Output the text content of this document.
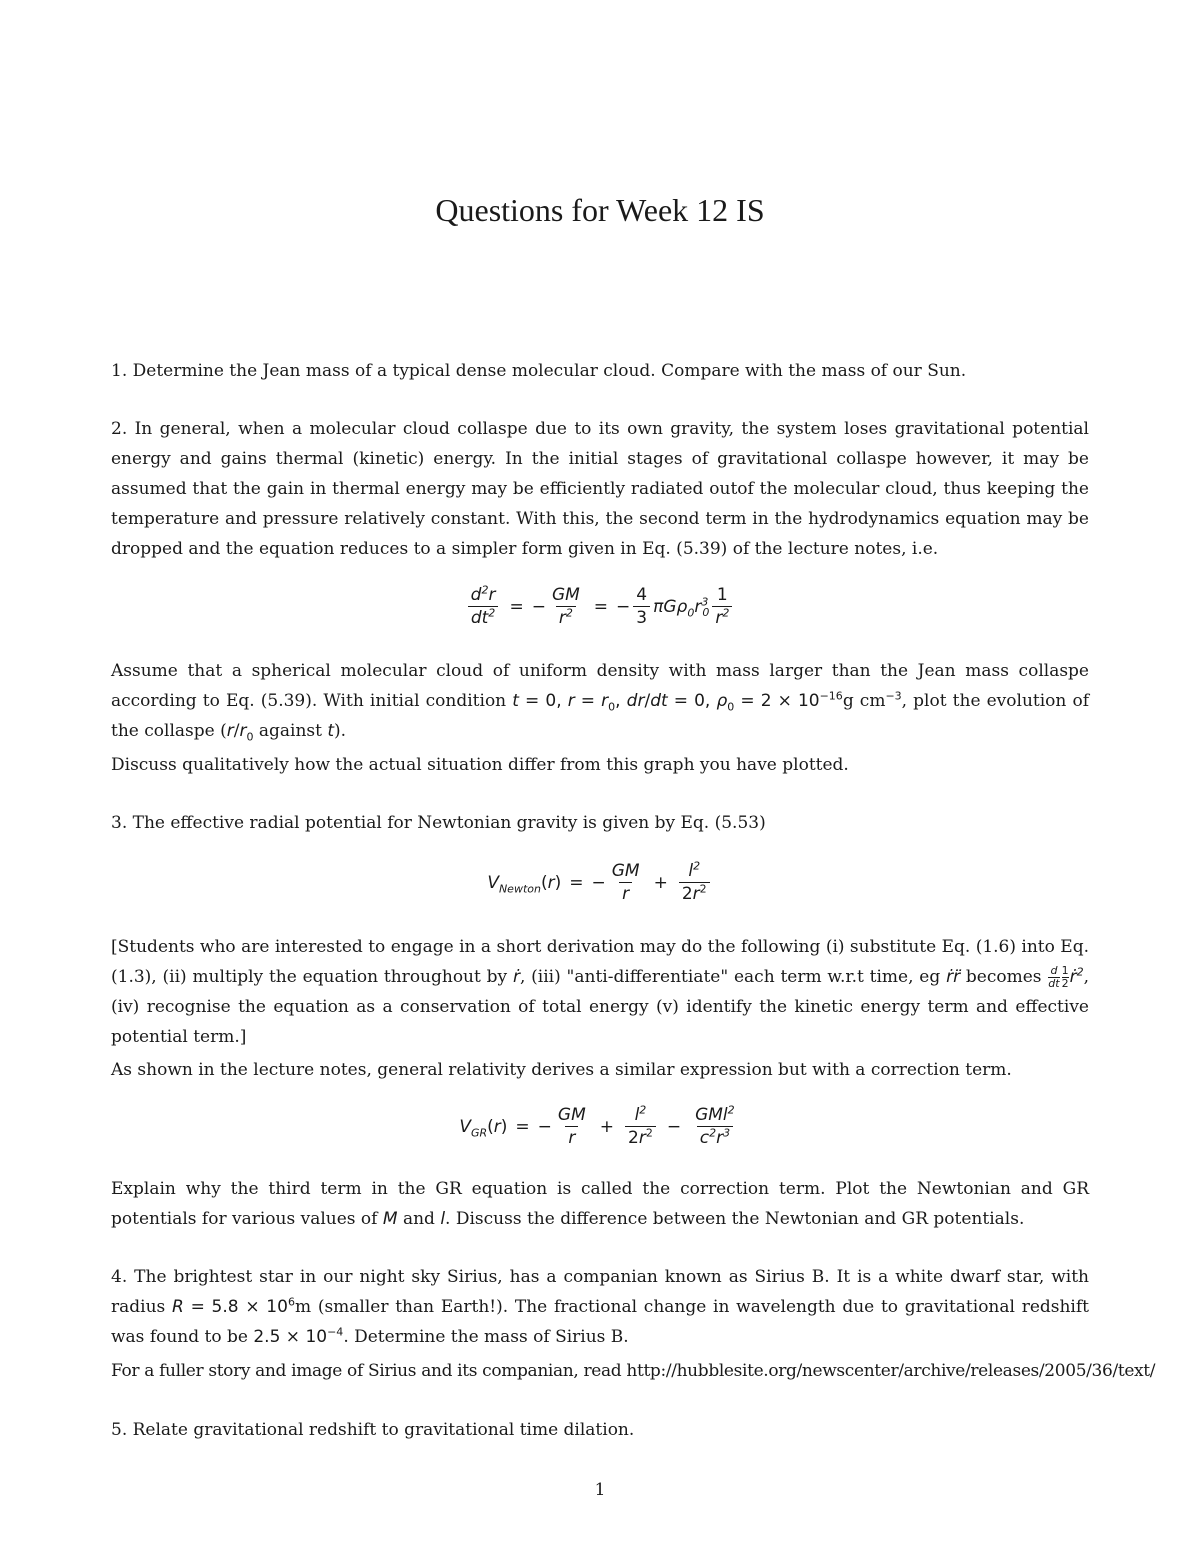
Questions for Week 12 IS

1. Determine the Jean mass of a typical dense molecular cloud. Compare with the mass of our Sun.

2. In general, when a molecular cloud collaspe due to its own gravity, the system loses gravitational potential energy and gains thermal (kinetic) energy. In the initial stages of gravitational collaspe however, it may be assumed that the gain in thermal energy may be efficiently radiated outof the molecular cloud, thus keeping the temperature and pressure relatively constant. With this, the second term in the hydrodynamics equation may be dropped and the equation reduces to a simpler form given in Eq. (5.39) of the lecture notes, i.e.

$\frac{d^2r}{dt^2}$ = − $\frac{GM}{r^2}$ = − $\frac{4}{3} \pi G\rho_0r^3_0 \frac{1}{r^2}$

Assume that a spherical molecular cloud of uniform density with mass larger than the Jean mass collaspe according to Eq. (5.39). With initial condition t = 0, $r = r_0$, dr/dt = 0, $\rho_0 = 2 \times 10^{-16}g$ $cm^{-3}$, plot the evolution of the collaspe ($r/r_0$ against t).

Discuss qualitatively how the actual situation differ from this graph you have plotted.

3. The effective radial potential for Newtonian gravity is given by Eq. (5.53)

$V_{Newton}$ (r) = − $\frac{GM}{r} + \frac{l^2}{2r^2}$

[Students who are interested to engage in a short derivation may do the following (i) substitute Eq. (1.6) into Eq.(1.3), (ii) multiply the equation throughout by ṙ, (iii) "anti-differentiate" each term w.r.t time, eg ṙr̈ becomes $\frac{d}{dt} \frac{1}{2}$ ṙ$^2$, (iv) recognise the equation as a conservation of total energy (v) identify the kinetic energy term and effective potential term.]

As shown in the lecture notes, general relativity derives a similar expression but with a correction term.

$V_{GR}$ (r) = − $\frac{GM}{r} + \frac{l^2}{2r^2} - \frac{GMl^2}{c^2r^3}$

Explain why the third term in the GR equation is called the correction term. Plot the Newtonian and GR potentials for various values of M and l. Discuss the difference between the Newtonian and GR potentials.

4. The brightest star in our night sky Sirius, has a companian known as Sirius B. It is a white dwarf star, with radius $R = 5.8 \times 10^6m$ (smaller than Earth!). The fractional change in wavelength due to gravitational redshift was found to be $2.5 \times 10^{-4}$. Determine the mass of Sirius B.

For a fuller story and image of Sirius and its companian, read http://hubblesite.org/newscenter/archive/releases/2005/36/text/

5. Relate gravitational redshift to gravitational time dilation.

1
